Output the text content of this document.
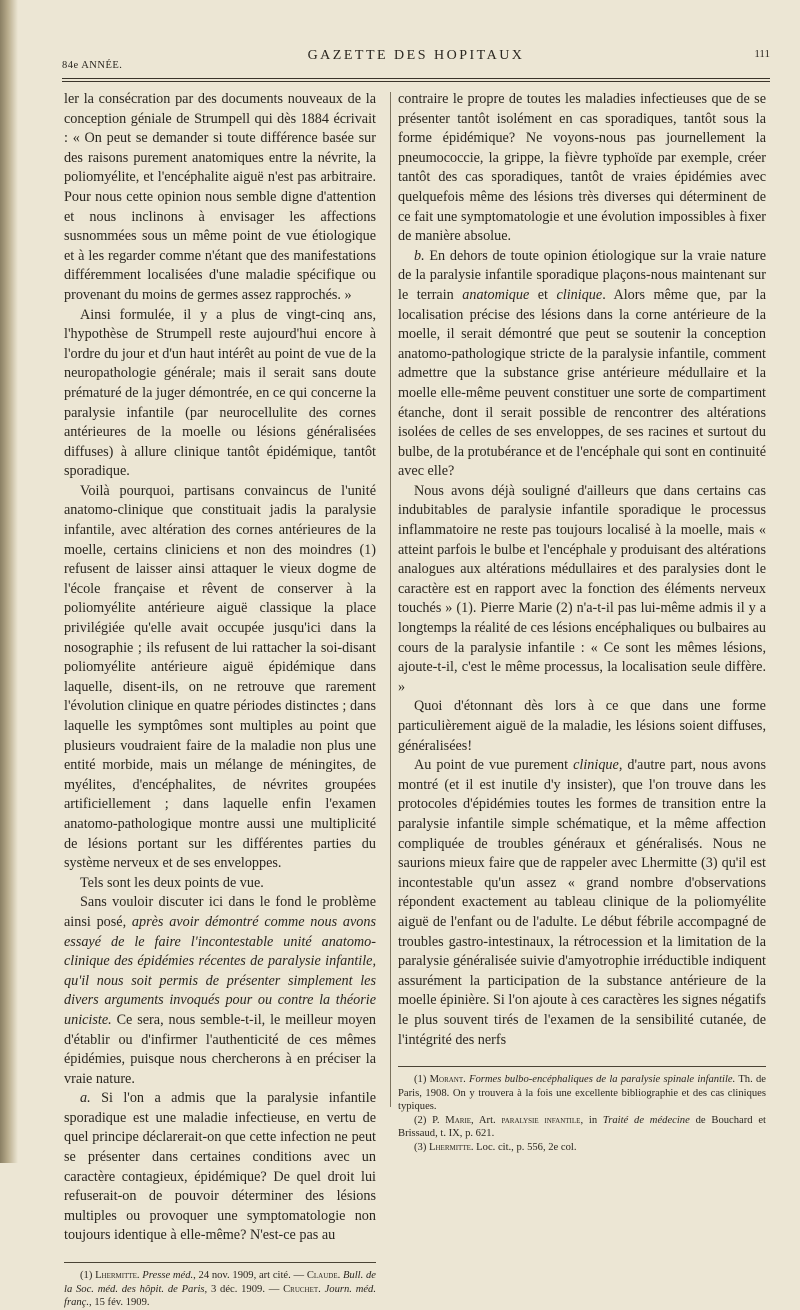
84e ANNÉE.
GAZETTE DES HOPITAUX	111

ler la consécration par des documents nouveaux de la conception géniale de Strumpell qui dès 1884 écrivait : « On peut se demander si toute différence basée sur des raisons purement anatomiques entre la névrite, la poliomyélite, et l'encéphalite aiguë n'est pas arbitraire. Pour nous cette opinion nous semble digne d'attention et nous inclinons à envisager les affections susnommées sous un même point de vue étiologique et à les regarder comme n'étant que des manifestations différemment localisées d'une maladie spécifique ou provenant du moins de germes assez rapprochés. »

Ainsi formulée, il y a plus de vingt-cinq ans, l'hypothèse de Strumpell reste aujourd'hui encore à l'ordre du jour et d'un haut intérêt au point de vue de la neuropathologie générale; mais il serait sans doute prématuré de la juger démontrée, en ce qui concerne la paralysie infantile (par neurocellulite des cornes antérieures de la moelle ou lésions généralisées diffuses) à allure clinique tantôt épidémique, tantôt sporadique.

Voilà pourquoi, partisans convaincus de l'unité anatomo-clinique que constituait jadis la paralysie infantile, avec altération des cornes antérieures de la moelle, certains cliniciens et non des moindres (1) refusent de laisser ainsi attaquer le vieux dogme de l'école française et rêvent de conserver à la poliomyélite antérieure aiguë classique la place privilégiée qu'elle avait occupée jusqu'ici dans la nosographie ; ils refusent de lui rattacher la soi-disant poliomyélite antérieure aiguë épidémique dans laquelle, disent-ils, on ne retrouve que rarement l'évolution clinique en quatre périodes distinctes ; dans laquelle les symptômes sont multiples au point que plusieurs voudraient faire de la maladie non plus une entité morbide, mais un mélange de méningites, de myélites, d'encéphalites, de névrites groupées artificiellement ; dans laquelle enfin l'examen anatomo-pathologique montre aussi une multiplicité de lésions portant sur les différentes parties du système nerveux et de ses enveloppes.

Tels sont les deux points de vue.

Sans vouloir discuter ici dans le fond le problème ainsi posé, après avoir démontré comme nous avons essayé de le faire l'incontestable unité anatomo-clinique des épidémies récentes de paralysie infantile, qu'il nous soit permis de présenter simplement les divers arguments invoqués pour ou contre la théorie uniciste. Ce sera, nous semble-t-il, le meilleur moyen d'établir ou d'infirmer l'authenticité de ces mêmes épidémies, puisque nous chercherons à en préciser la vraie nature.

a. Si l'on a admis que la paralysie infantile sporadique est une maladie infectieuse, en vertu de quel principe déclarerait-on que cette infection ne peut se présenter dans certaines conditions avec un caractère contagieux, épidémique? De quel droit lui refuserait-on de pouvoir déterminer des lésions multiples ou provoquer une symptomatologie non toujours identique à elle-même? N'est-ce pas au

(1) Lhermitte. Presse méd., 24 nov. 1909, art cité. — Claude. Bull. de la Soc. méd. des hôpit. de Paris, 3 déc. 1909. — Cruchet. Journ. méd. franç., 15 fév. 1909.

contraire le propre de toutes les maladies infectieuses que de se présenter tantôt isolément en cas sporadiques, tantôt sous la forme épidémique? Ne voyons-nous pas journellement la pneumococcie, la grippe, la fièvre typhoïde par exemple, créer tantôt des cas sporadiques, tantôt de vraies épidémies avec quelquefois même des lésions très diverses qui déterminent de ce fait une symptomatologie et une évolution impossibles à fixer de manière absolue.

b. En dehors de toute opinion étiologique sur la vraie nature de la paralysie infantile sporadique plaçons-nous maintenant sur le terrain anatomique et clinique. Alors même que, par la localisation précise des lésions dans la corne antérieure de la moelle, il serait démontré que peut se soutenir la conception anatomo-pathologique stricte de la paralysie infantile, comment admettre que la substance grise antérieure médullaire et la moelle elle-même peuvent constituer une sorte de compartiment étanche, dont il serait possible de rencontrer des altérations isolées de celles de ses enveloppes, de ses racines et surtout du bulbe, de la protubérance et de l'encéphale qui sont en continuité avec elle?

Nous avons déjà souligné d'ailleurs que dans certains cas indubitables de paralysie infantile sporadique le processus inflammatoire ne reste pas toujours localisé à la moelle, mais « atteint parfois le bulbe et l'encéphale y produisant des altérations analogues aux altérations médullaires et des paralysies dont le caractère est en rapport avec la fonction des éléments nerveux touchés » (1). Pierre Marie (2) n'a-t-il pas lui-même admis il y a longtemps la réalité de ces lésions encéphaliques ou bulbaires au cours de la paralysie infantile : « Ce sont les mêmes lésions, ajoute-t-il, c'est le même processus, la localisation seule diffère. »

Quoi d'étonnant dès lors à ce que dans une forme particulièrement aiguë de la maladie, les lésions soient diffuses, généralisées!

Au point de vue purement clinique, d'autre part, nous avons montré (et il est inutile d'y insister), que l'on trouve dans les protocoles d'épidémies toutes les formes de transition entre la paralysie infantile simple schématique, et la même affection compliquée de troubles généraux et généralisés. Nous ne saurions mieux faire que de rappeler avec Lhermitte (3) qu'il est incontestable qu'un assez « grand nombre d'observations répondent exactement au tableau clinique de la poliomyélite aiguë de l'enfant ou de l'adulte. Le début fébrile accompagné de troubles gastro-intestinaux, la rétrocession et la limitation de la paralysie généralisée suivie d'amyotrophie irréductible indiquent assurément la participation de la substance antérieure de la moelle épinière. Si l'on ajoute à ces caractères les signes négatifs le plus souvent tirés de l'examen de la sensibilité cutanée, de l'intégrité des nerfs

(1) Morant. Formes bulbo-encéphaliques de la paralysie spinale infantile. Th. de Paris, 1908. On y trouvera à la fois une excellente bibliographie et des cas cliniques typiques.

(2) P. Marie, Art. paralysie infantile, in Traité de médecine de Bouchard et Brissaud, t. IX, p. 621.

(3) Lhermitte. Loc. cit., p. 556, 2e col.
